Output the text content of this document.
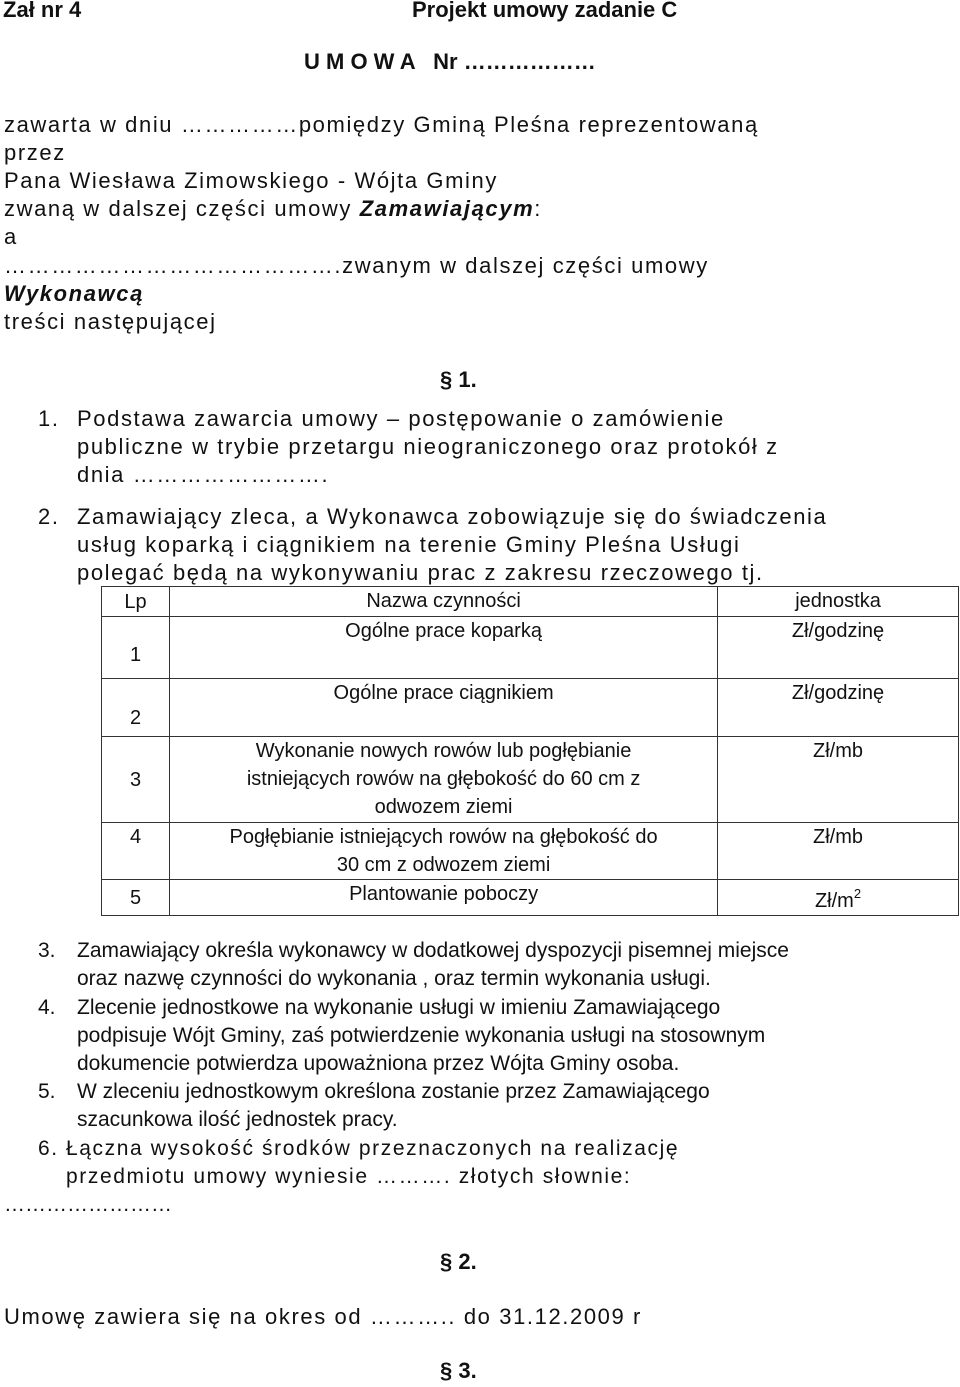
Zał nr 4	Projekt umowy zadanie C
U M O W A   Nr ………………
zawarta w dniu ……………pomiędzy Gminą Pleśna reprezentowaną
przez
Pana Wiesława Zimowskiego - Wójta Gminy
zwaną w dalszej części umowy Zamawiającym:
a
…………………………………….zwanym w dalszej części umowy
Wykonawcą
treści następującej
§ 1.
1. Podstawa zawarcia umowy – postępowanie o zamówienie
publiczne w trybie przetargu nieograniczonego oraz protokół z
dnia …………………….
2. Zamawiający zleca, a Wykonawca zobowiązuje się do świadczenia
usług koparką i ciągnikiem na terenie Gminy Pleśna Usługi
polegać będą na wykonywaniu prac z zakresu rzeczowego tj.
Lp	Nazwa czynności	jednostka
1	Ogólne prace koparką	Zł/godzinę
2	Ogólne prace ciągnikiem	Zł/godzinę
3	Wykonanie nowych rowów lub pogłębianie
istniejących rowów na głębokość do 60 cm z
odwozem ziemi	Zł/mb
4	Pogłębianie istniejących rowów na głębokość do
30 cm z odwozem ziemi	Zł/mb
5	Plantowanie poboczy	$Zł/m^2$
3. Zamawiający określa wykonawcy w dodatkowej dyspozycji pisemnej miejsce
oraz nazwę czynności do wykonania , oraz termin wykonania usługi.
4. Zlecenie jednostkowe na wykonanie usługi w imieniu Zamawiającego
podpisuje Wójt Gminy, zaś potwierdzenie wykonania usługi na stosownym
dokumencie potwierdza upoważniona przez Wójta Gminy osoba.
5. W zleceniu jednostkowym określona zostanie przez Zamawiającego
szacunkowa ilość jednostek pracy.
6. Łączna wysokość środków przeznaczonych na realizację
przedmiotu umowy wyniesie ………. złotych słownie:
……………………
§ 2.
Umowę zawiera się na okres od ……….. do 31.12.2009 r
§ 3.
